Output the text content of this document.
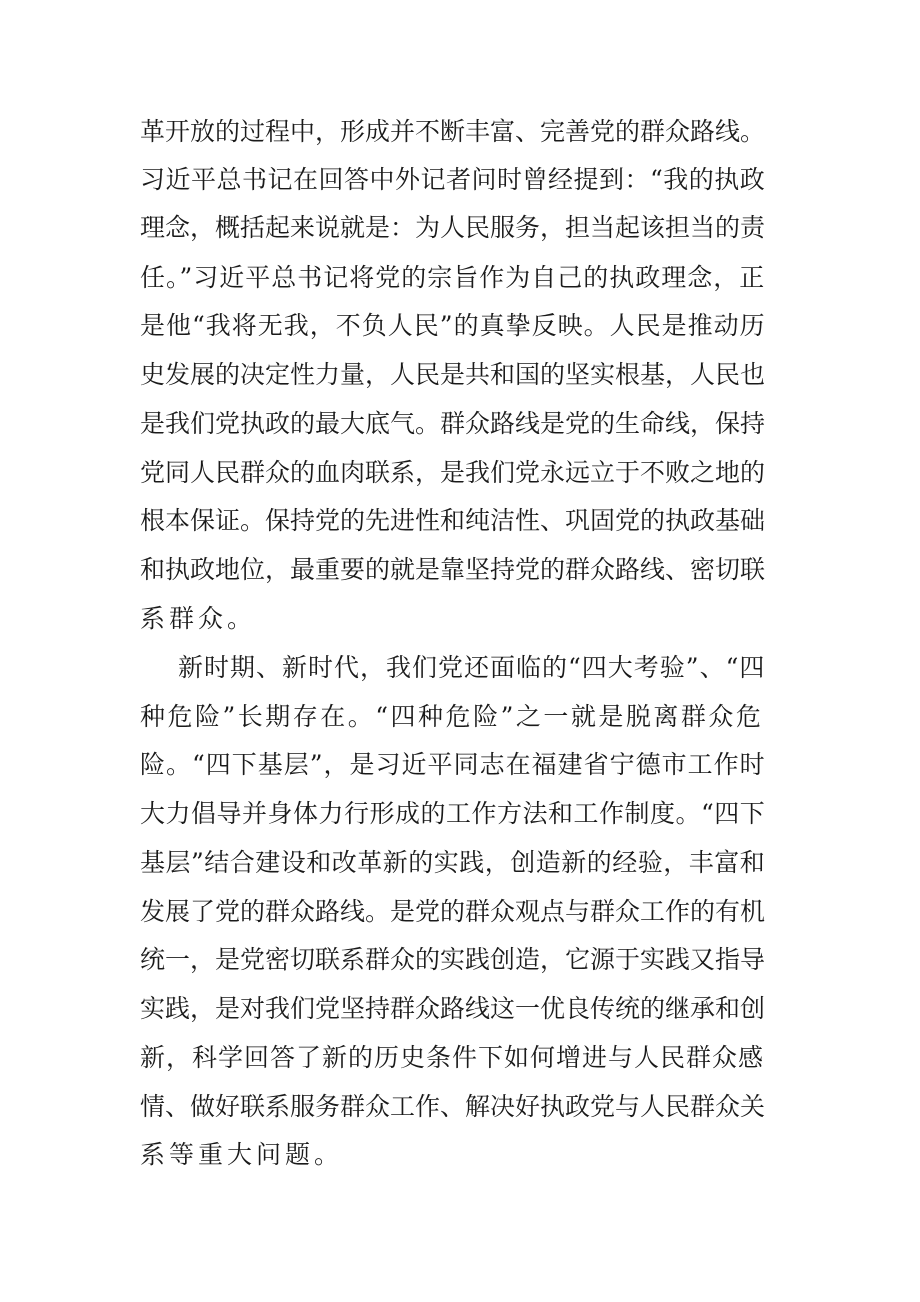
革开放的过程中，形成并不断丰富、完善党的群众路线。
习近平总书记在回答中外记者问时曾经提到：“我的执政
理念，概括起来说就是：为人民服务，担当起该担当的责
任。”习近平总书记将党的宗旨作为自己的执政理念，正
是他“我将无我，不负人民”的真挚反映。人民是推动历
史发展的决定性力量，人民是共和国的坚实根基，人民也
是我们党执政的最大底气。群众路线是党的生命线，保持
党同人民群众的血肉联系，是我们党永远立于不败之地的
根本保证。保持党的先进性和纯洁性、巩固党的执政基础
和执政地位，最重要的就是靠坚持党的群众路线、密切联
系群众。
新时期、新时代，我们党还面临的“四大考验”、“四
种危险”长期存在。“四种危险”之一就是脱离群众危
险。“四下基层”，是习近平同志在福建省宁德市工作时
大力倡导并身体力行形成的工作方法和工作制度。“四下
基层”结合建设和改革新的实践，创造新的经验，丰富和
发展了党的群众路线。是党的群众观点与群众工作的有机
统一，是党密切联系群众的实践创造，它源于实践又指导
实践，是对我们党坚持群众路线这一优良传统的继承和创
新，科学回答了新的历史条件下如何增进与人民群众感
情、做好联系服务群众工作、解决好执政党与人民群众关
系等重大问题。
